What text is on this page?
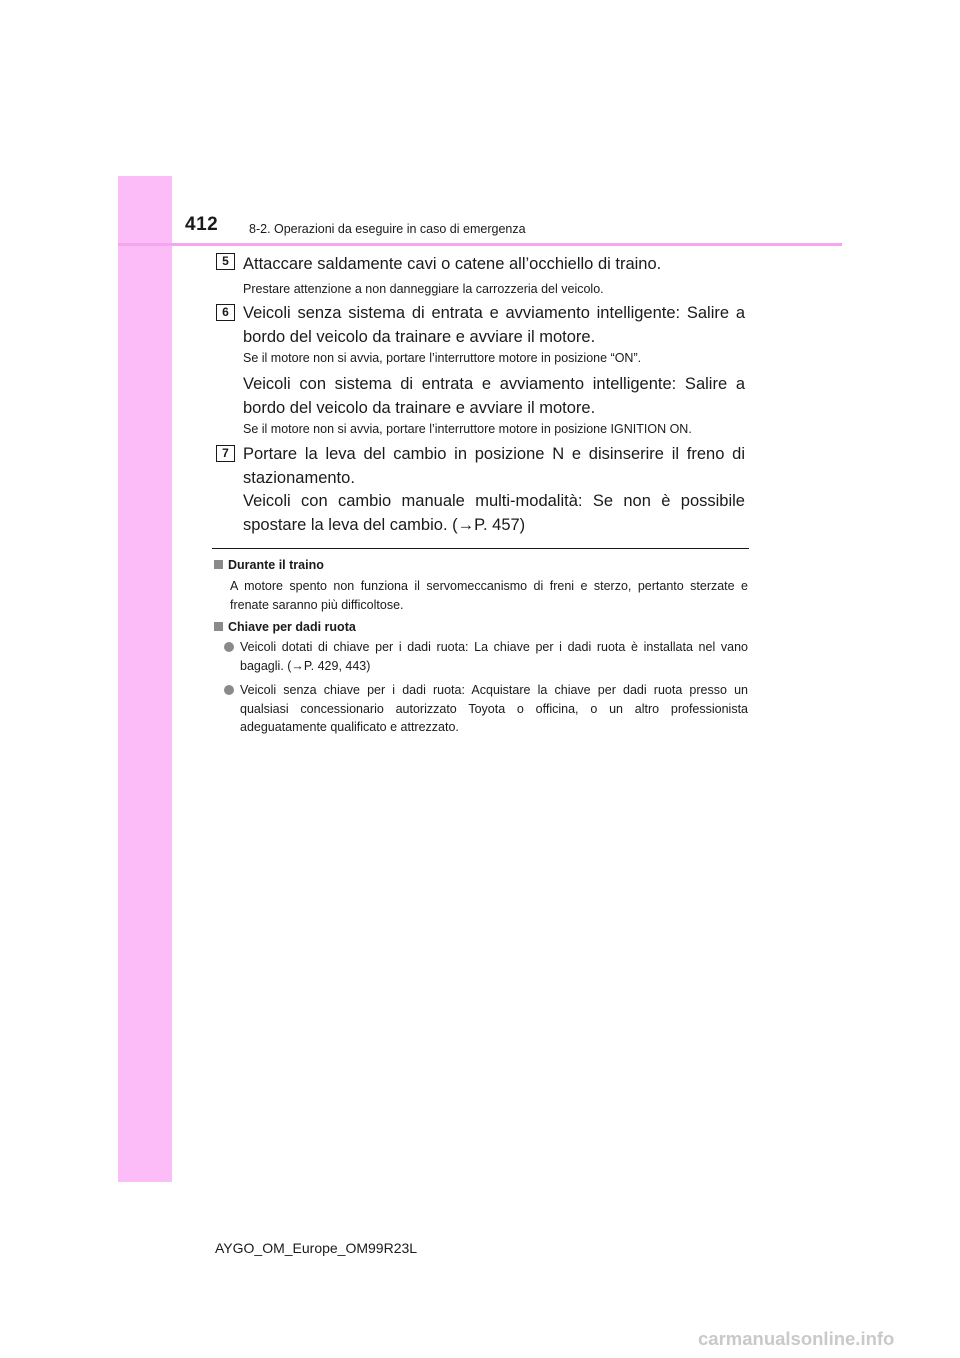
412 8-2. Operazioni da eseguire in caso di emergenza
5 Attaccare saldamente cavi o catene all’occhiello di traino.
Prestare attenzione a non danneggiare la carrozzeria del veicolo.
6 Veicoli senza sistema di entrata e avviamento intelligente: Salire a bordo del veicolo da trainare e avviare il motore.
Se il motore non si avvia, portare l’interruttore motore in posizione “ON”.
Veicoli con sistema di entrata e avviamento intelligente: Salire a bordo del veicolo da trainare e avviare il motore.
Se il motore non si avvia, portare l’interruttore motore in posizione IGNITION ON.
7 Portare la leva del cambio in posizione N e disinserire il freno di stazionamento.
Veicoli con cambio manuale multi-modalità: Se non è possibile spostare la leva del cambio. (→P. 457)
Durante il traino
A motore spento non funziona il servomeccanismo di freni e sterzo, pertanto sterzate e frenate saranno più difficoltose.
Chiave per dadi ruota
Veicoli dotati di chiave per i dadi ruota: La chiave per i dadi ruota è installata nel vano bagagli. (→P. 429, 443)
Veicoli senza chiave per i dadi ruota: Acquistare la chiave per dadi ruota presso un qualsiasi concessionario autorizzato Toyota o officina, o un altro professionista adeguatamente qualificato e attrezzato.
AYGO_OM_Europe_OM99R23L
carmanualsonline.info
